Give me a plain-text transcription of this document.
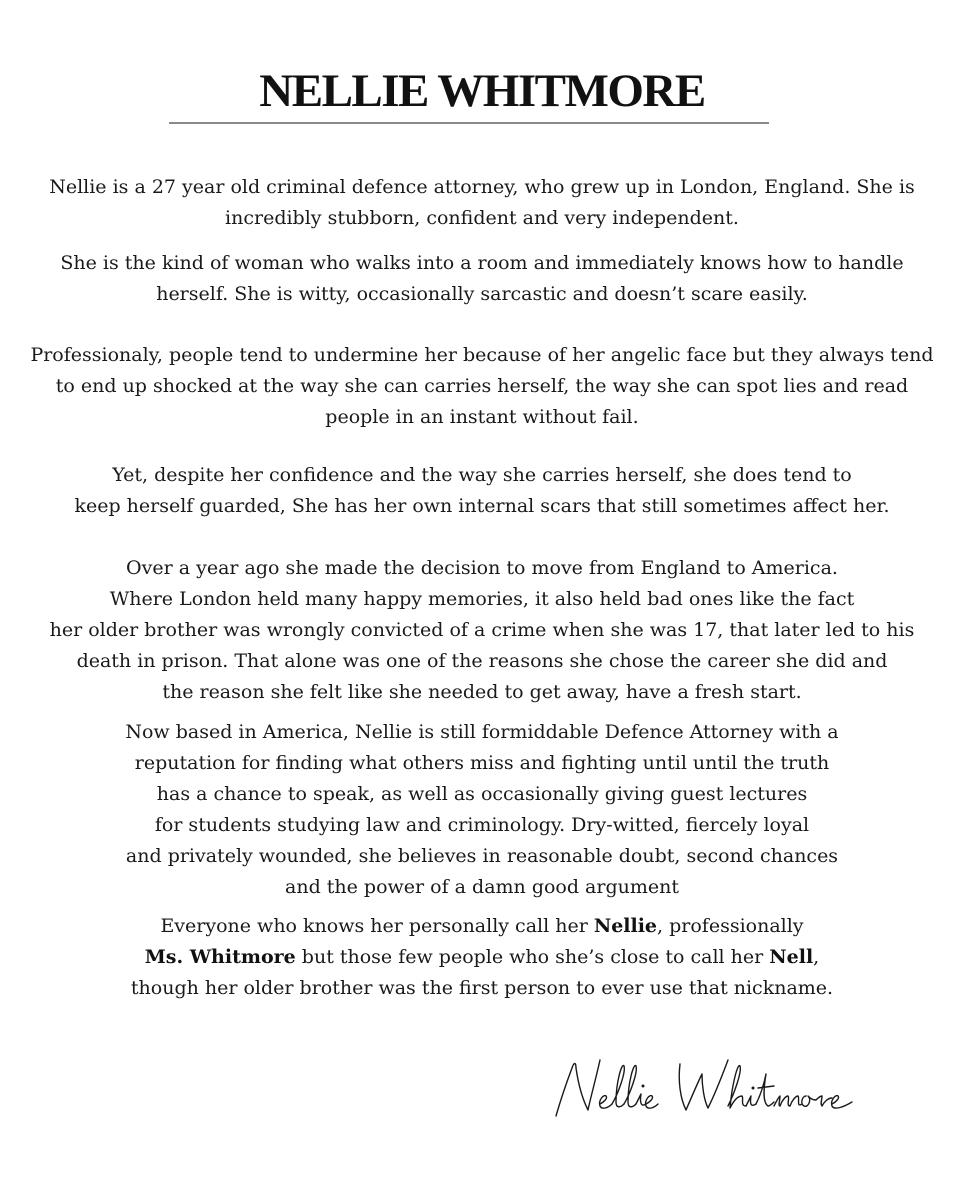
NELLIE WHITMORE

Nellie is a 27 year old criminal defence attorney, who grew up in London, England. She is
incredibly stubborn, confident and very independent.

She is the kind of woman who walks into a room and immediately knows how to handle
herself. She is witty, occasionally sarcastic and doesn’t scare easily.

Professionaly, people tend to undermine her because of her angelic face but they always tend
to end up shocked at the way she can carries herself, the way she can spot lies and read
people in an instant without fail.

Yet, despite her confidence and the way she carries herself, she does tend to
keep herself guarded, She has her own internal scars that still sometimes affect her.

Over a year ago she made the decision to move from England to America.
Where London held many happy memories, it also held bad ones like the fact
her older brother was wrongly convicted of a crime when she was 17, that later led to his
death in prison. That alone was one of the reasons she chose the career she did and
the reason she felt like she needed to get away, have a fresh start.

Now based in America, Nellie is still formiddable Defence Attorney with a
reputation for finding what others miss and fighting until until the truth
has a chance to speak, as well as occasionally giving guest lectures
for students studying law and criminology. Dry-witted, fiercely loyal
and privately wounded, she believes in reasonable doubt, second chances
and the power of a damn good argument

Everyone who knows her personally call her Nellie, professionally
Ms. Whitmore but those few people who she’s close to call her Nell,
though her older brother was the first person to ever use that nickname.
